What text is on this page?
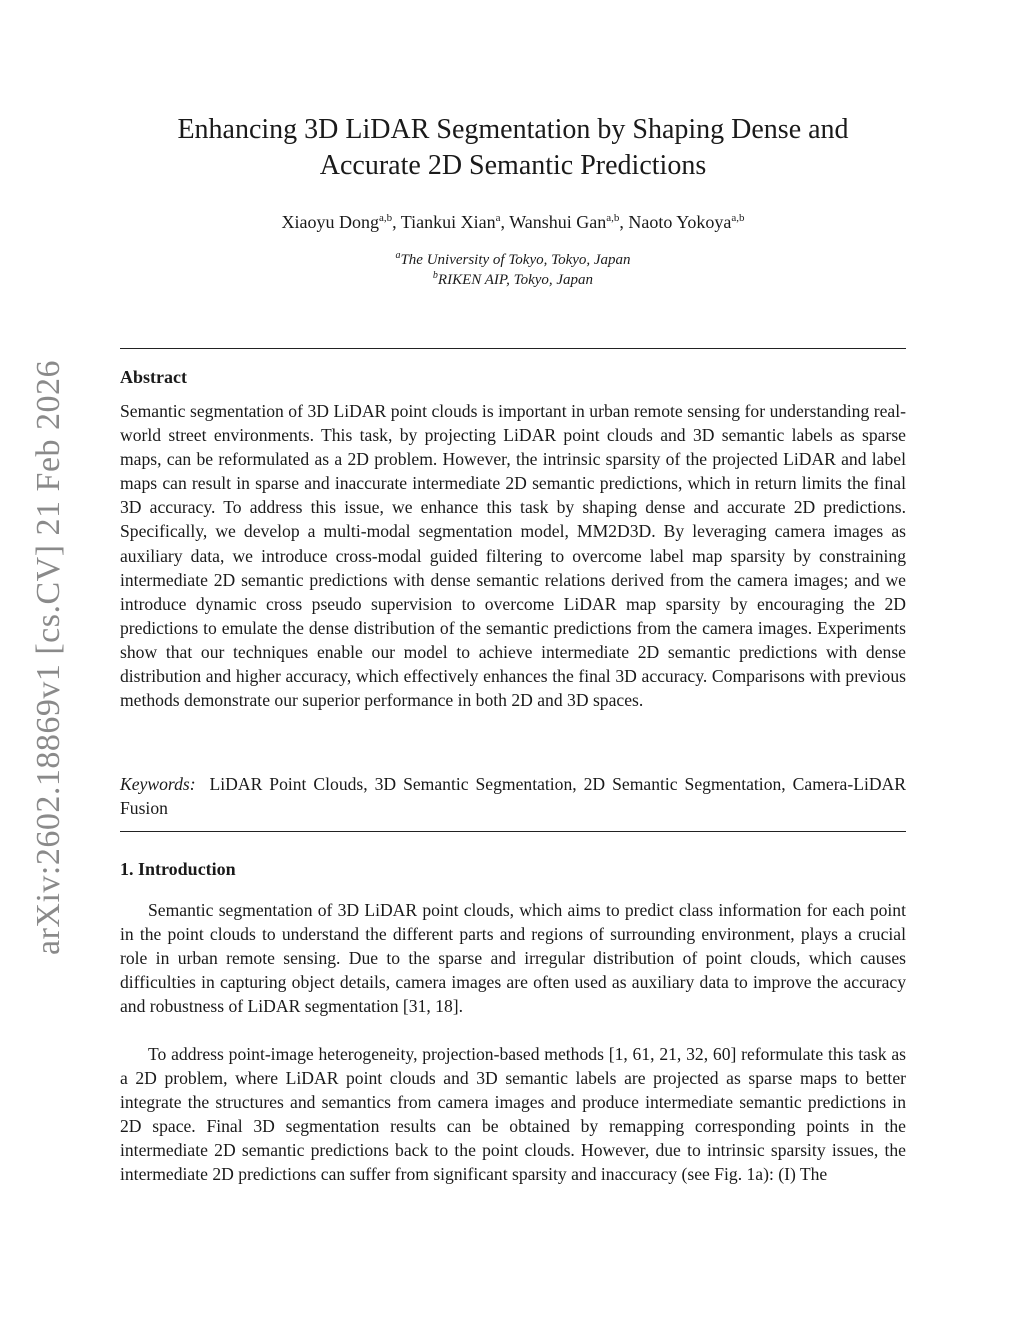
arXiv:2602.18869v1 [cs.CV] 21 Feb 2026
Enhancing 3D LiDAR Segmentation by Shaping Dense and
Accurate 2D Semantic Predictions
Xiaoyu Dong$^{a,b}$, Tiankui Xian$^a$, Wanshui Gan$^{a,b}$, Naoto Yokoya$^{a,b}$
$^a$The University of Tokyo, Tokyo, Japan
$^b$RIKEN AIP, Tokyo, Japan
Abstract

Semantic segmentation of 3D LiDAR point clouds is important in urban remote sensing for understanding real-world street environments. This task, by projecting LiDAR point clouds and 3D semantic labels as sparse maps, can be reformulated as a 2D problem. However, the intrinsic sparsity of the projected LiDAR and label maps can result in sparse and inaccurate intermediate 2D semantic predictions, which in return limits the final 3D accuracy. To address this issue, we enhance this task by shaping dense and accurate 2D predictions. Specifically, we develop a multi-modal segmentation model, MM2D3D. By leveraging camera images as auxiliary data, we introduce cross-modal guided filtering to overcome label map sparsity by constraining intermediate 2D semantic predictions with dense semantic relations derived from the camera images; and we introduce dynamic cross pseudo supervision to overcome LiDAR map sparsity by encouraging the 2D predictions to emulate the dense distribution of the semantic predictions from the camera images. Experiments show that our techniques enable our model to achieve intermediate 2D semantic predictions with dense distribution and higher accuracy, which effectively enhances the final 3D accuracy. Comparisons with previous methods demonstrate our superior performance in both 2D and 3D spaces.

Keywords: LiDAR Point Clouds, 3D Semantic Segmentation, 2D Semantic Segmentation, Camera-LiDAR Fusion

1. Introduction

Semantic segmentation of 3D LiDAR point clouds, which aims to predict class information for each point in the point clouds to understand the different parts and regions of surrounding environment, plays a crucial role in urban remote sensing. Due to the sparse and irregular distribution of point clouds, which causes difficulties in capturing object details, camera images are often used as auxiliary data to improve the accuracy and robustness of LiDAR segmentation [31, 18].

To address point-image heterogeneity, projection-based methods [1, 61, 21, 32, 60] reformulate this task as a 2D problem, where LiDAR point clouds and 3D semantic labels are projected as sparse maps to better integrate the structures and semantics from camera images and produce intermediate semantic predictions in 2D space. Final 3D segmentation results can be obtained by remapping corresponding points in the intermediate 2D semantic predictions back to the point clouds. However, due to intrinsic sparsity issues, the intermediate 2D predictions can suffer from significant sparsity and inaccuracy (see Fig. 1a): (I) The
